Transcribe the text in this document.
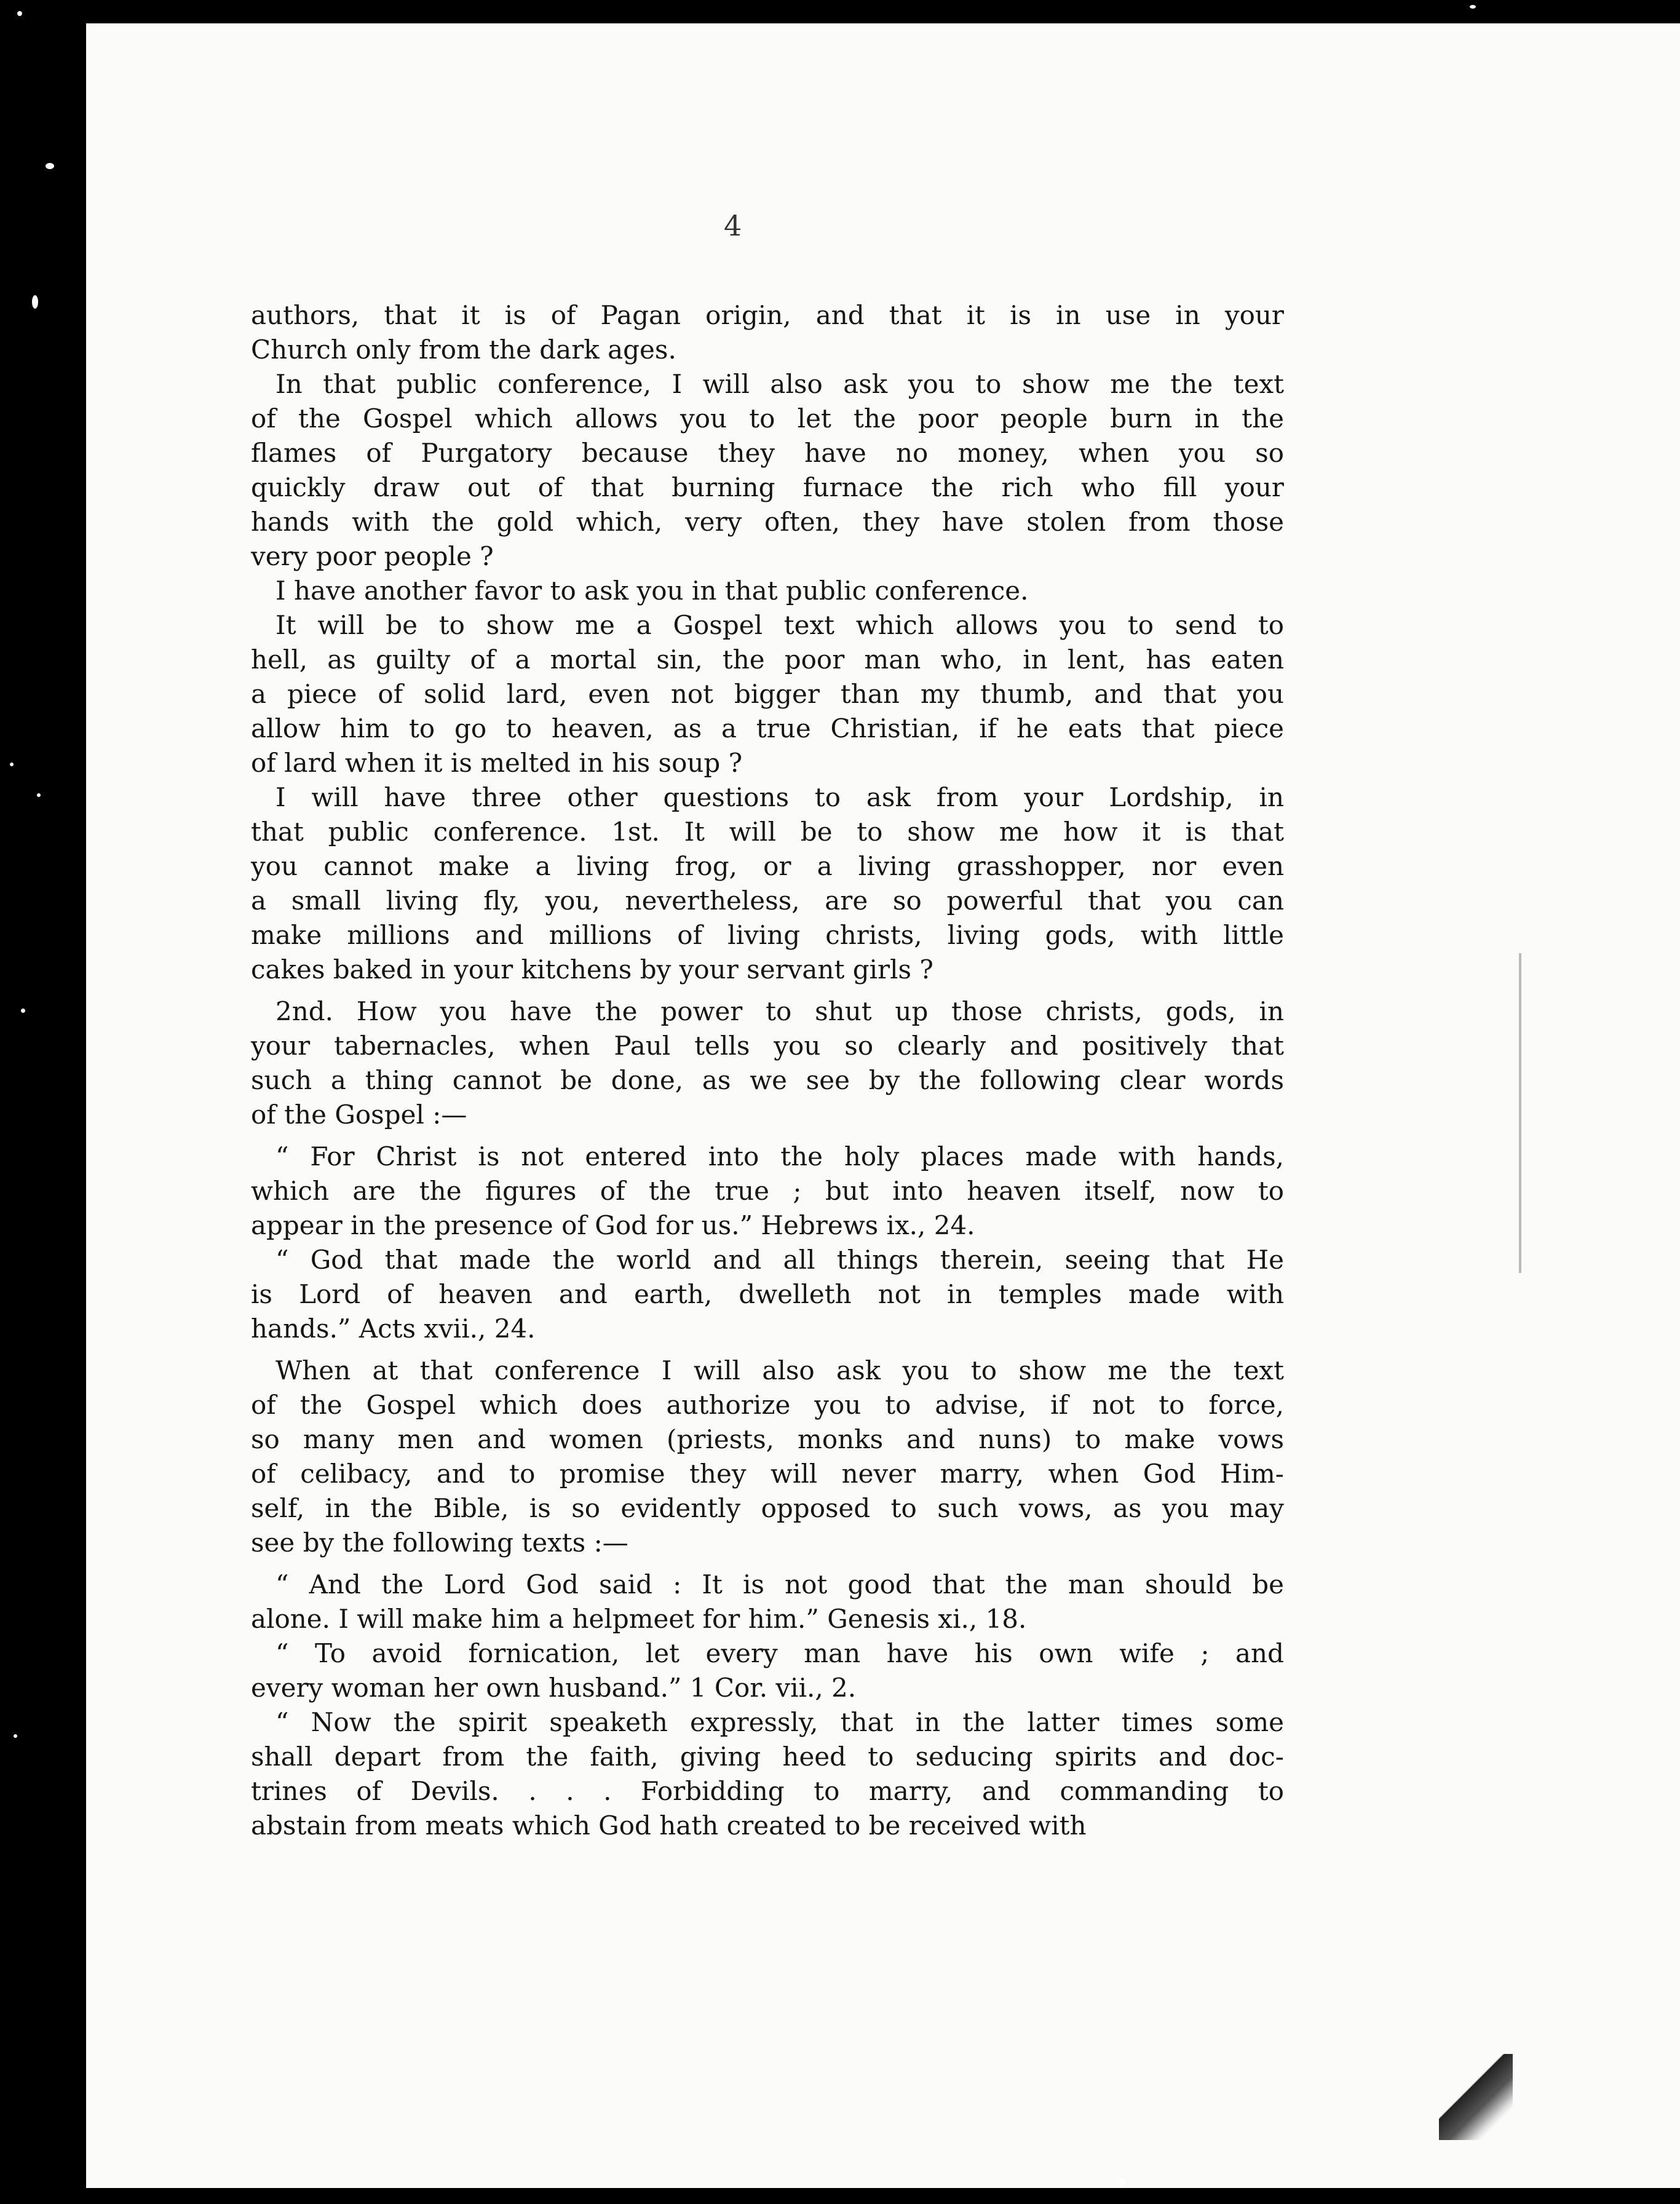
4
authors, that it is of Pagan origin, and that it is in use in your
Church only from the dark ages.
In that public conference, I will also ask you to show me the text
of the Gospel which allows you to let the poor people burn in the
flames of Purgatory because they have no money, when you so
quickly draw out of that burning furnace the rich who fill your
hands with the gold which, very often, they have stolen from those
very poor people ?
I have another favor to ask you in that public conference.
It will be to show me a Gospel text which allows you to send to
hell, as guilty of a mortal sin, the poor man who, in lent, has eaten
a piece of solid lard, even not bigger than my thumb, and that you
allow him to go to heaven, as a true Christian, if he eats that piece
of lard when it is melted in his soup ?
I will have three other questions to ask from your Lordship, in
that public conference. 1st. It will be to show me how it is that
you cannot make a living frog, or a living grasshopper, nor even
a small living fly, you, nevertheless, are so powerful that you can
make millions and millions of living christs, living gods, with little
cakes baked in your kitchens by your servant girls ?
2nd. How you have the power to shut up those christs, gods, in
your tabernacles, when Paul tells you so clearly and positively that
such a thing cannot be done, as we see by the following clear words
of the Gospel :—
“ For Christ is not entered into the holy places made with hands,
which are the figures of the true ; but into heaven itself, now to
appear in the presence of God for us.” Hebrews ix., 24.
“ God that made the world and all things therein, seeing that He
is Lord of heaven and earth, dwelleth not in temples made with
hands.” Acts xvii., 24.
When at that conference I will also ask you to show me the text
of the Gospel which does authorize you to advise, if not to force,
so many men and women (priests, monks and nuns) to make vows
of celibacy, and to promise they will never marry, when God Him-
self, in the Bible, is so evidently opposed to such vows, as you may
see by the following texts :—
“ And the Lord God said : It is not good that the man should be
alone. I will make him a helpmeet for him.” Genesis xi., 18.
“ To avoid fornication, let every man have his own wife ; and
every woman her own husband.” 1 Cor. vii., 2.
“ Now the spirit speaketh expressly, that in the latter times some
shall depart from the faith, giving heed to seducing spirits and doc-
trines of Devils. . . . Forbidding to marry, and commanding to
abstain from meats which God hath created to be received with
